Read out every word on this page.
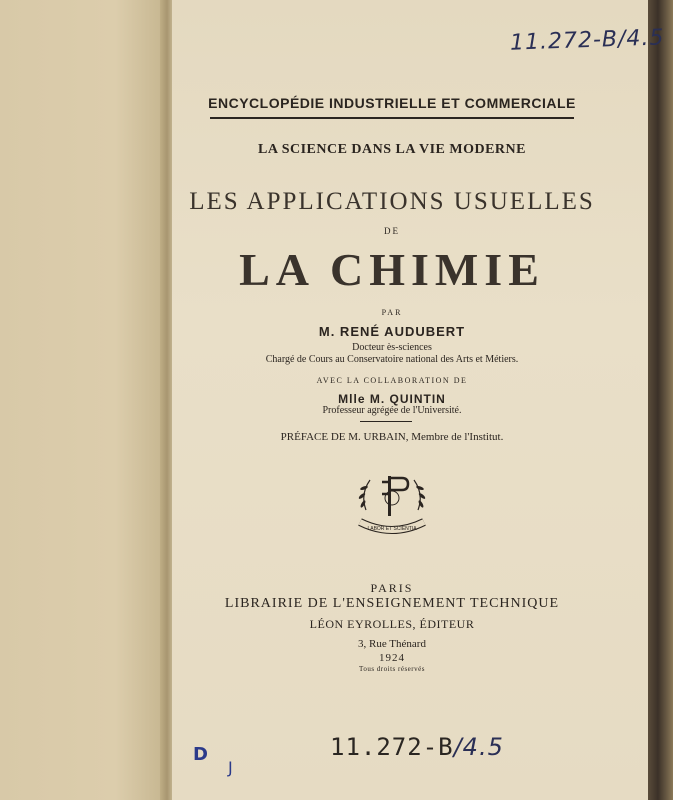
11.272-B/4.5
ENCYCLOPÉDIE INDUSTRIELLE ET COMMERCIALE
LA SCIENCE DANS LA VIE MODERNE
LES APPLICATIONS USUELLES
DE
LA CHIMIE
PAR
M. RENÉ AUDUBERT
Docteur ès-sciences
Chargé de Cours au Conservatoire national des Arts et Métiers.
AVEC LA COLLABORATION DE
Mlle M. QUINTIN
Professeur agrégée de l'Université.
PRÉFACE DE M. URBAIN, Membre de l'Institut.
LABOR ET SCIENTIA
PARIS
LIBRAIRIE DE L'ENSEIGNEMENT TECHNIQUE
LÉON EYROLLES, ÉDITEUR
3, Rue Thénard
1924
Tous droits réservés
D
J
11.272-B/4.5
